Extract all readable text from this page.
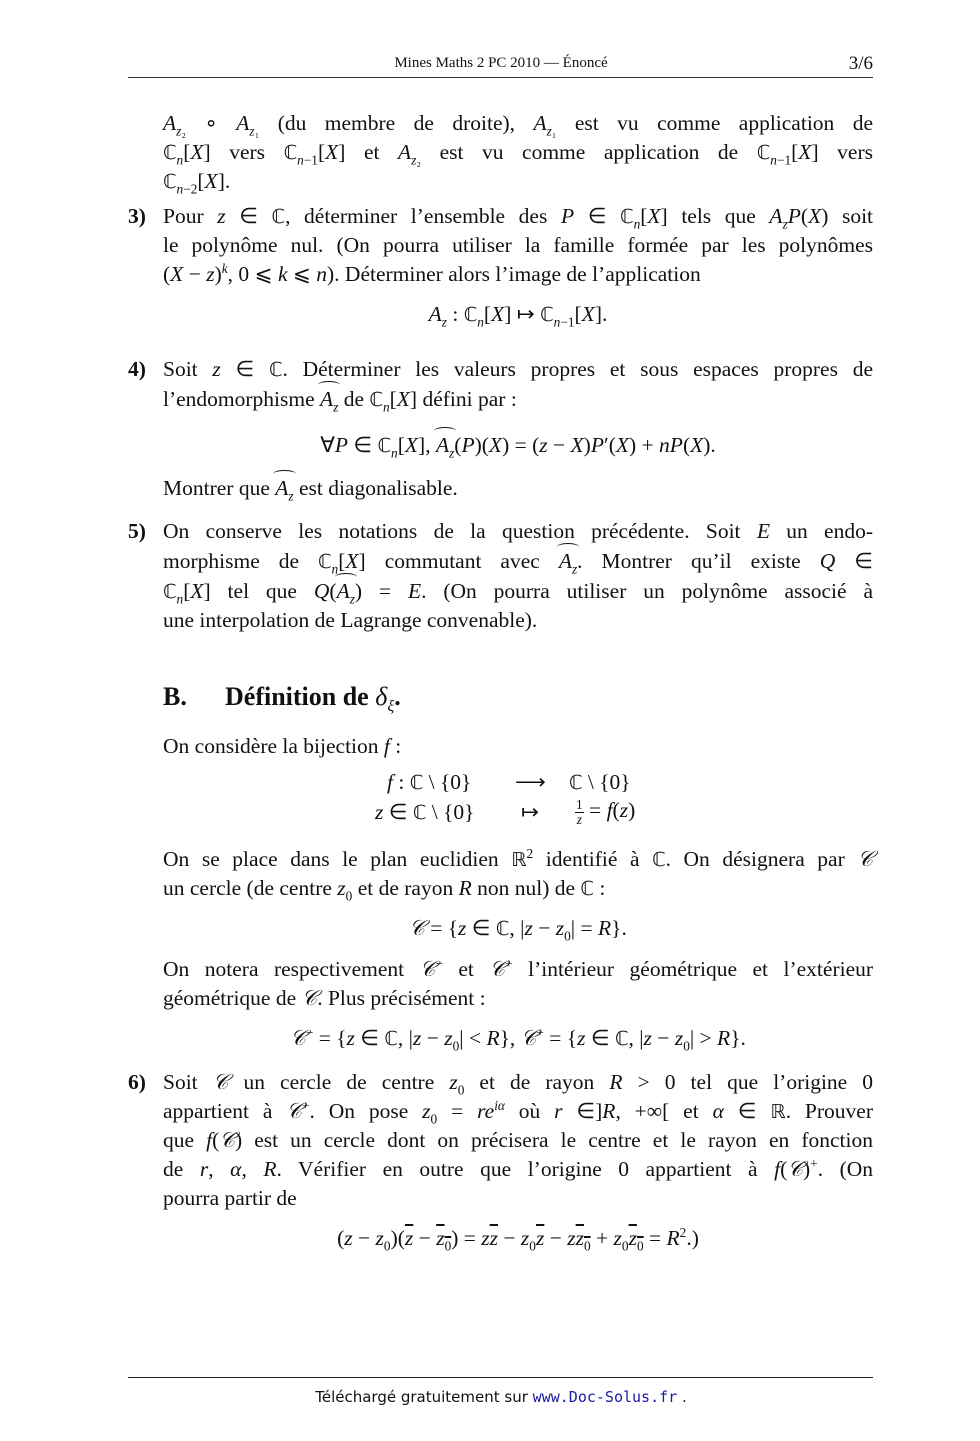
Mines Maths 2 PC 2010 — Énoncé	3/6
$A_{z_2}$ ∘ $A_{z_1}$ (du membre de droite), $A_{z_1}$ est vu comme application de
ℂ$_n$[X] vers ℂ$_{n-1}$[X] et $A_{z_2}$ est vu comme application de ℂ$_{n-1}$[X] vers
ℂ$_{n-2}$[X].
3) Pour z ∈ ℂ, déterminer l’ensemble des P ∈ ℂ$_n$[X] tels que $A_zP(X)$ soit
le polynôme nul. (On pourra utiliser la famille formée par les polynômes
$(X - z)^k$, 0 ⩽ k ⩽ n). Déterminer alors l’image de l’application
$A_z$ : ℂ$_n$[X] ↦ ℂ$_{n-1}$[X].
4) Soit z ∈ ℂ. Déterminer les valeurs propres et sous espaces propres de
l’endomorphisme $A_z$ de ℂ$_n$[X] défini par :
∀P ∈ ℂ$_n$[X], $A_z(P)(X) = (z - X)P'(X) + nP(X)$.
Montrer que $A_z$ est diagonalisable.
5) On conserve les notations de la question précédente. Soit E un endo-
morphisme de ℂ$_n$[X] commutant avec $A_z$. Montrer qu’il existe Q ∈
ℂ$_n$[X] tel que $Q(A_z) = E$. (On pourra utiliser un polynôme associé à
une interpolation de Lagrange convenable).
B. Définition de $\delta_\xi$.
On considère la bijection f :
f : ℂ \ {0}
z ∈ ℂ \ {0}
⟶
↦
ℂ \ {0}
$\frac{1}{z} = f(z)$
On se place dans le plan euclidien ℝ$^2$ identifié à ℂ. On désignera par 𝒞
un cercle (de centre $z_0$ et de rayon R non nul) de ℂ :
𝒞 = {z ∈ ℂ, $|z - z_0| = R$}.
On notera respectivement 𝒞− et 𝒞+ l’intérieur géométrique et l’extérieur
géométrique de 𝒞. Plus précisément :
𝒞− = {z ∈ ℂ, $|z - z_0| < R$}, 𝒞+ = {z ∈ ℂ, $|z - z_0| > R$}.
6) Soit 𝒞 un cercle de centre $z_0$ et de rayon R > 0 tel que l’origine 0
appartient à 𝒞+. On pose $z_0 = re^{i\alpha}$ où r ∈]R, +∞[ et α ∈ ℝ. Prouver
que f(𝒞) est un cercle dont on précisera le centre et le rayon en fonction
de r, α, R. Vérifier en outre que l’origine 0 appartient à f(𝒞)+. (On
pourra partir de
$(z - z_0)(\overline{z} - z_0) = z\overline{z} - z_0\overline{z} - zz_0 + z_0z_0 = R^2$.)
Téléchargé gratuitement sur www.Doc-Solus.fr .
